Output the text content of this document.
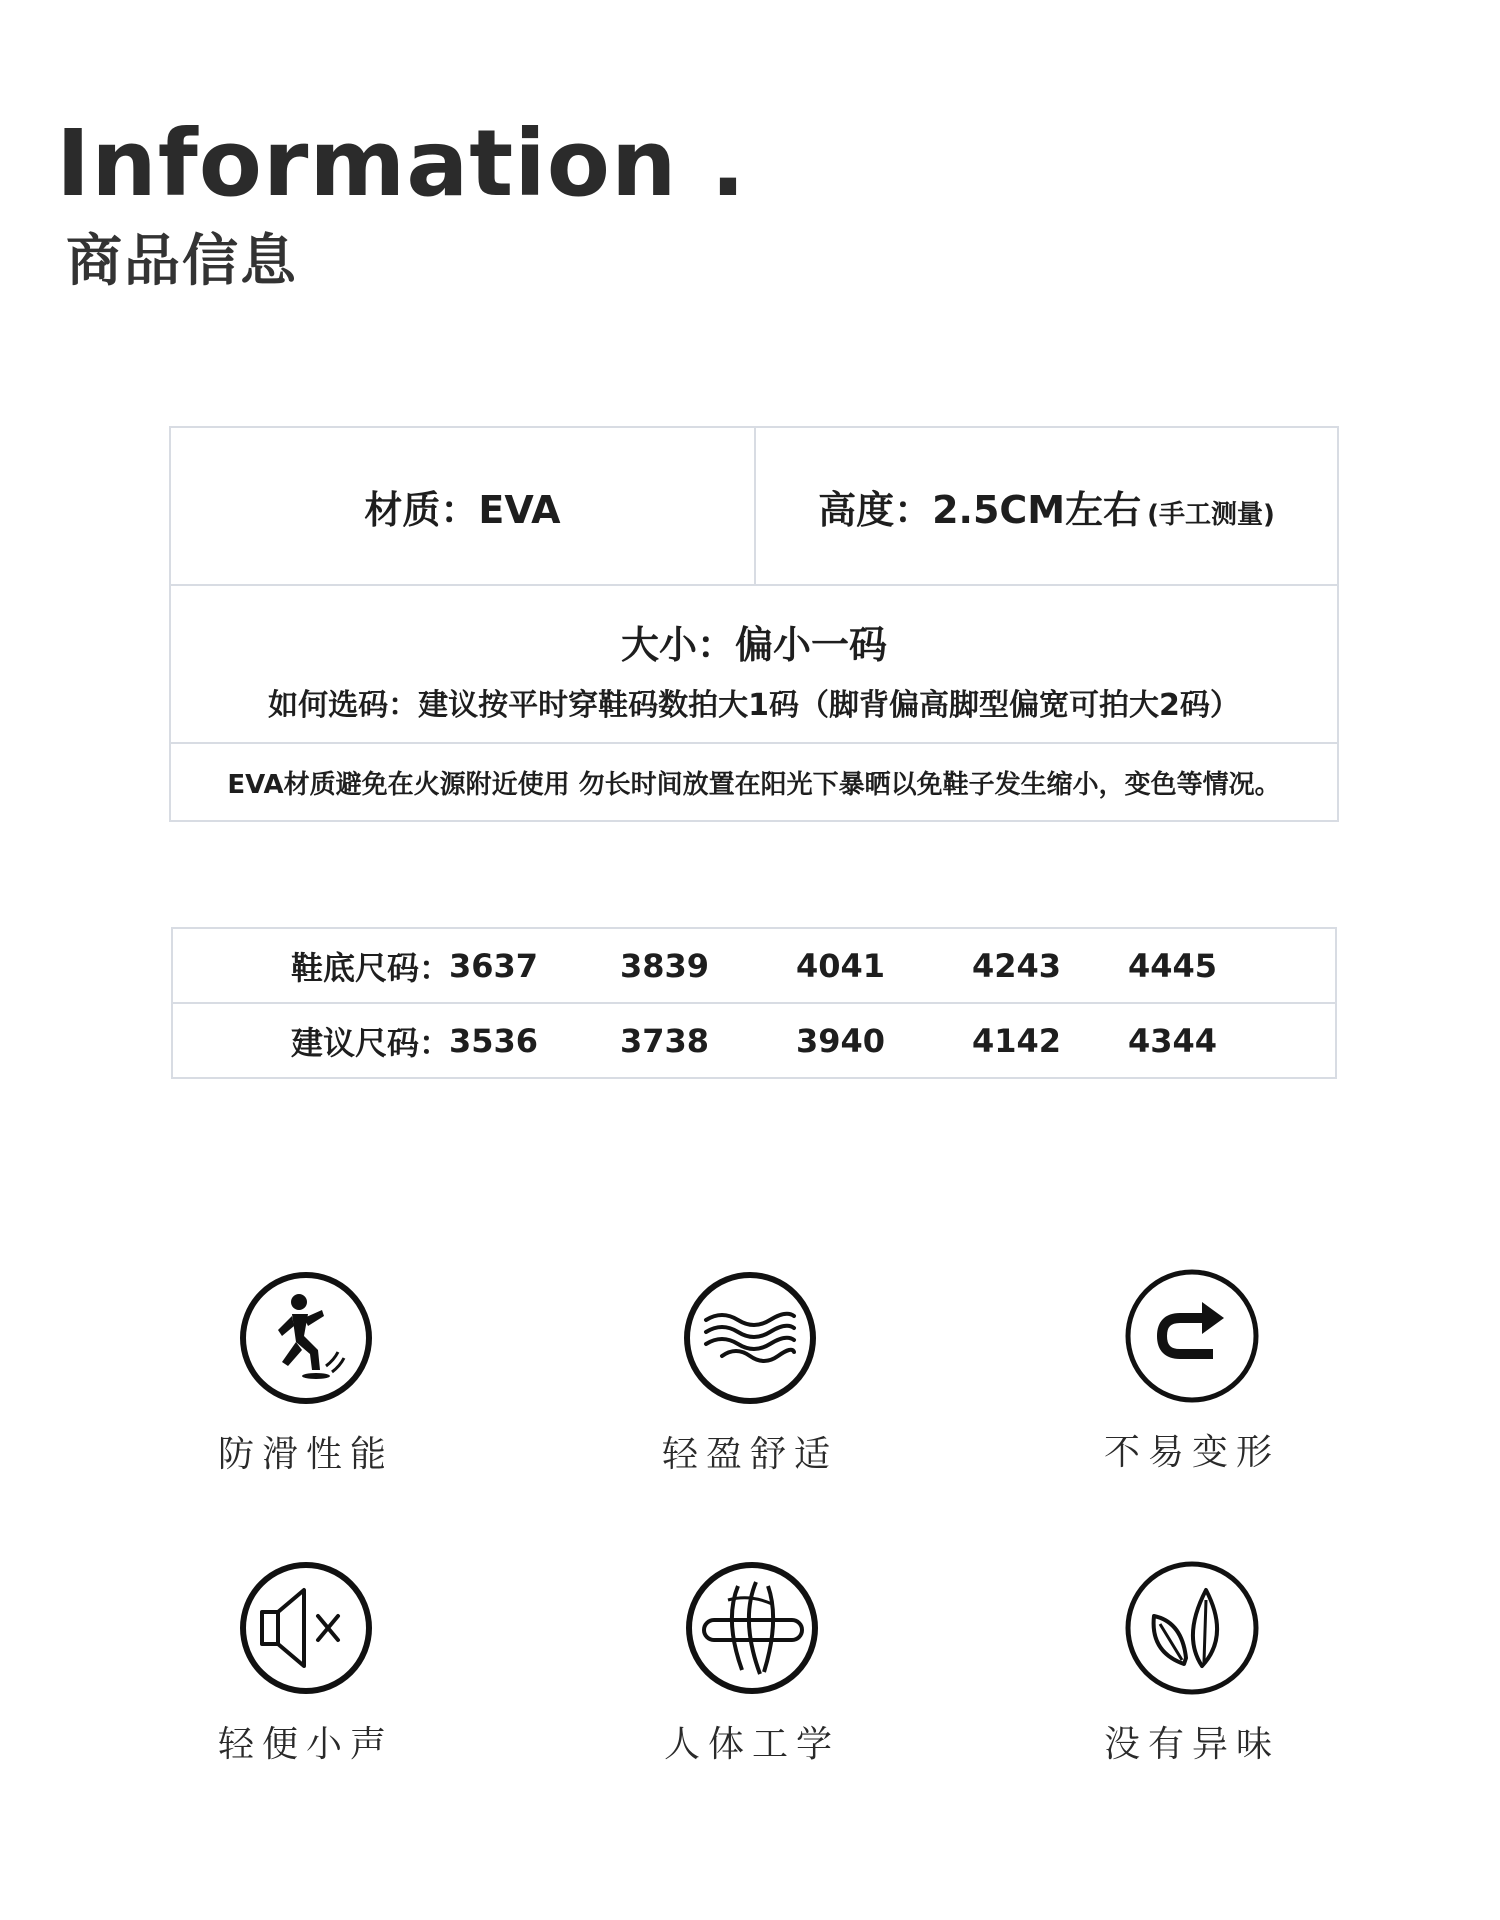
Information .
商品信息
材质：EVA	高度：2.5CM左右 (手工测量)
大小：偏小一码
如何选码：建议按平时穿鞋码数拍大1码（脚背偏高脚型偏宽可拍大2码）
EVA材质避免在火源附近使用 勿长时间放置在阳光下暴晒以免鞋子发生缩小，变色等情况。
鞋底尺码：
3637	3839	4041	4243 4445
建议尺码：
3536	3738	3940	4142 4344
防滑性能	轻盈舒适	不易变形
轻便小声	人体工学	没有异味
